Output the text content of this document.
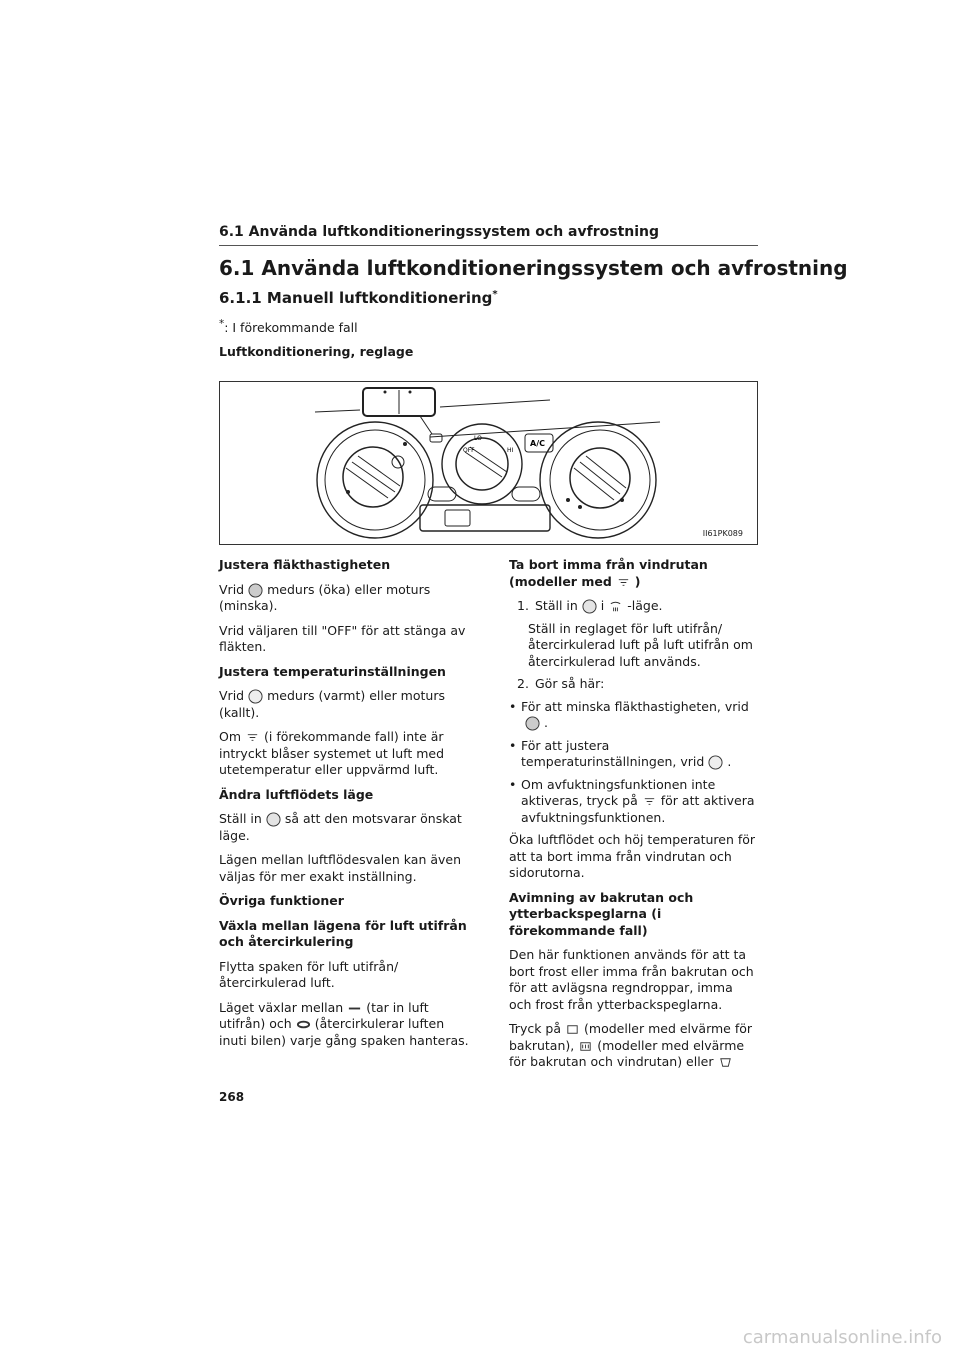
6.1 Använda luftkonditioneringssystem och avfrostning
6.1 Använda luftkonditioneringssystem och avfrostning
6.1.1 Manuell luftkonditionering*
*: I förekommande fall
Luftkonditionering, reglage
A/C
OFF
LO
HI
II61PK089

Justera fläkthastigheten

Vrid medurs (öka) eller moturs (minska).

Vrid väljaren till "OFF" för att stänga av fläkten.

Justera temperaturinställningen

Vrid medurs (varmt) eller moturs (kallt).

Om (i förekommande fall) inte är intryckt blåser systemet ut luft med utetemperatur eller uppvärmd luft.

Ändra luftflödets läge

Ställ in så att den motsvarar önskat läge.

Lägen mellan luftflödesvalen kan även väljas för mer exakt inställning.

Övriga funktioner

Växla mellan lägena för luft utifrån och återcirkulering

Flytta spaken för luft utifrån/ återcirkulerad luft.

Läget växlar mellan (tar in luft utifrån) och (återcirkulerar luften inuti bilen) varje gång spaken hanteras.

Ta bort imma från vindrutan (modeller med )

1. Ställ in i -läge.
Ställ in reglaget för luft utifrån/återcirkulerad luft på luft utifrån om återcirkulerad luft används.
2. Gör så här:
• För att minska fläkthastigheten, vrid
.
• För att justera temperaturinställningen, vrid .
• Om avfuktningsfunktionen inte aktiveras, tryck på för att aktivera avfuktningsfunktionen.

Öka luftflödet och höj temperaturen för att ta bort imma från vindrutan och sidorutorna.

Avimning av bakrutan och ytterbackspeglarna (i förekommande fall)

Den här funktionen används för att ta bort frost eller imma från bakrutan och för att avlägsna regndroppar, imma och frost från ytterbackspeglarna.

Tryck på (modeller med elvärme för bakrutan), (modeller med elvärme för bakrutan och vindrutan) eller

268
carmanualsonline.info
